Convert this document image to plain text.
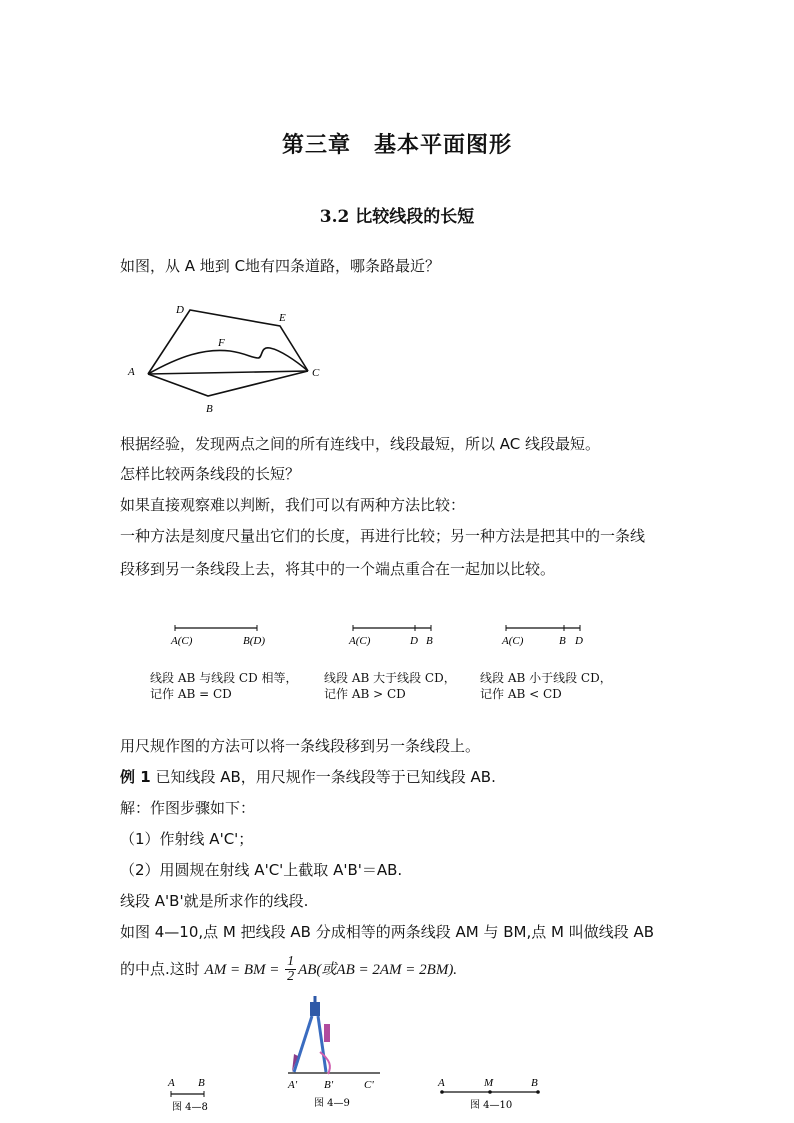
第三章　基本平面图形
3.2 比较线段的长短
如图，从 A 地到 C地有四条道路，哪条路最近？
A
D
E
F
C
B
根据经验，发现两点之间的所有连线中，线段最短，所以 AC 线段最短。
怎样比较两条线段的长短？
如果直接观察难以判断，我们可以有两种方法比较：
一种方法是刻度尺量出它们的长度，再进行比较；另一种方法是把其中的一条线
段移到另一条线段上去，将其中的一个端点重合在一起加以比较。
A(C)	B(D)	A(C)	D B	A(C)	B D
线段 AB 与线段 CD 相等，
记作 AB = CD
线段 AB 大于线段 CD，
记作 AB > CD
线段 AB 小于线段 CD，
记作 AB < CD
用尺规作图的方法可以将一条线段移到另一条线段上。
例 1 已知线段 AB，用尺规作一条线段等于已知线段 AB.
解：作图步骤如下：
（1）作射线 A'C'；
（2）用圆规在射线 A'C'上截取 A'B'＝AB.
线段 A'B'就是所求作的线段.
如图 4—10,点 M 把线段 AB 分成相等的两条线段 AM 与 BM,点 M 叫做线段 AB
的中点.这时 AM = BM = $\frac{1}{2} AB$(或AB = 2AM = 2BM).
A B
图 4—8
A' B'	C'
图 4—9
A	M	B
图 4—10
